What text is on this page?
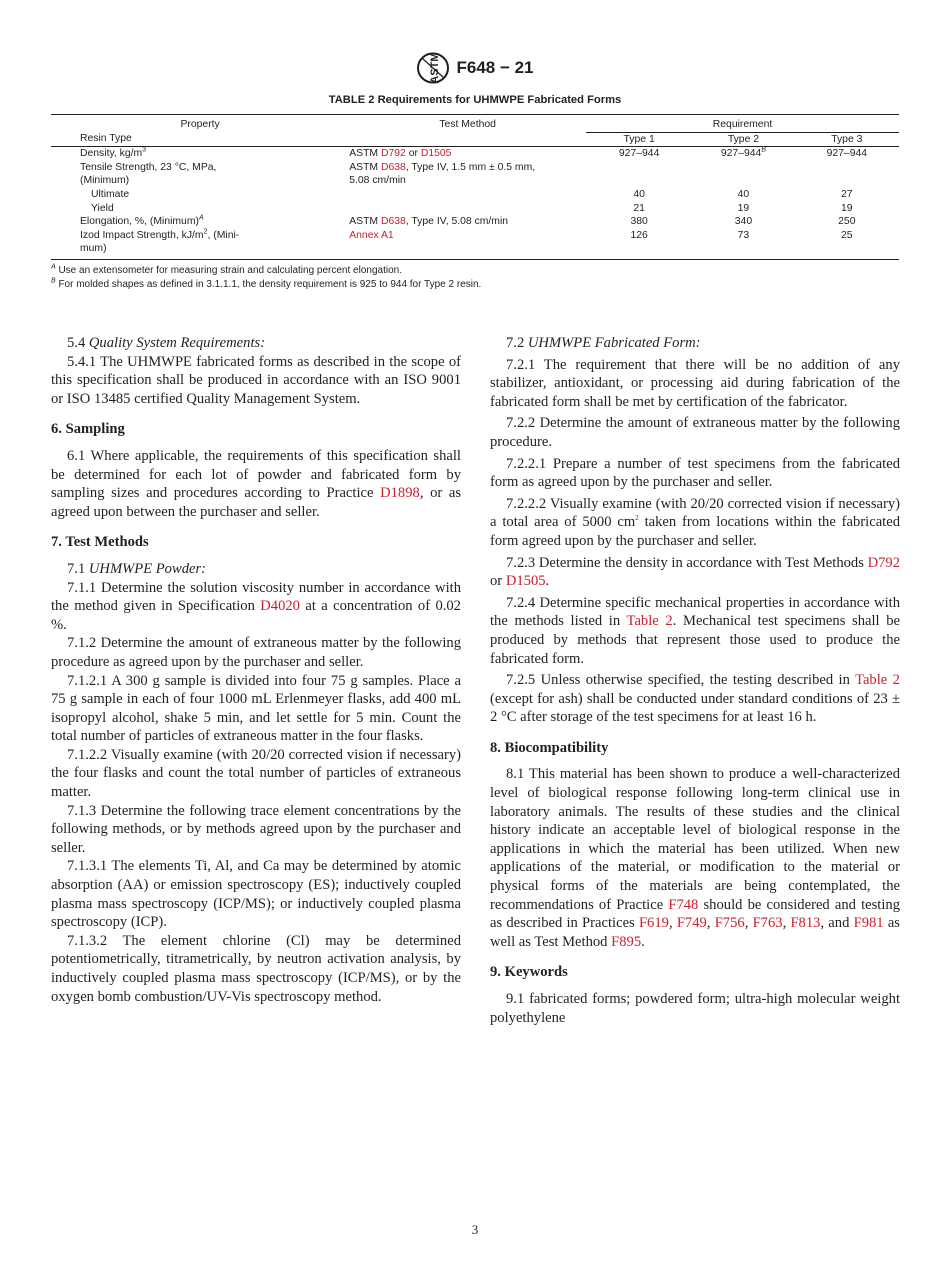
ASTM F648 − 21
TABLE 2 Requirements for UHMWPE Fabricated Forms
Property	Test Method	Requirement		
Resin Type		Type 1	Type 2	Type 3
Density, $kg/m^3$	ASTM D792 or D1505	927–944	$927-944^B$	927–944
Tensile Strength, 23 °C, MPa,
(Minimum)	ASTM D638, Type IV, 1.5 mm ± 0.5 mm,
5.08 cm/min			
Ultimate		40	40	27
Yield		21	19	19
Elongation, %, (Minimum)$^A$	ASTM D638, Type IV, 5.08 cm/min	380	340	250
Izod Impact Strength, $kJ/m^2$, (Mini-
mum)	Annex A1	126	73	25
$^A$ Use an extensometer for measuring strain and calculating percent elongation.
$^B$ For molded shapes as defined in 3.1.1.1, the density requirement is 925 to 944 for Type 2 resin.

5.4 Quality System Requirements:

5.4.1 The UHMWPE fabricated forms as described in the scope of this specification shall be produced in accordance with an ISO 9001 or ISO 13485 certified Quality Management System.

6. Sampling

6.1 Where applicable, the requirements of this specification shall be determined for each lot of powder and fabricated form by sampling sizes and procedures according to Practice D1898, or as agreed upon between the purchaser and seller.

7. Test Methods

7.1 UHMWPE Powder:

7.1.1 Determine the solution viscosity number in accordance with the method given in Specification D4020 at a concentration of 0.02 %.

7.1.2 Determine the amount of extraneous matter by the following procedure as agreed upon by the purchaser and seller.

7.1.2.1 A 300 g sample is divided into four 75 g samples. Place a 75 g sample in each of four 1000 mL Erlenmeyer flasks, add 400 mL isopropyl alcohol, shake 5 min, and let settle for 5 min. Count the total number of particles of extraneous matter in the four flasks.

7.1.2.2 Visually examine (with 20/20 corrected vision if necessary) the four flasks and count the total number of particles of extraneous matter.

7.1.3 Determine the following trace element concentrations by the following methods, or by methods agreed upon by the purchaser and seller.

7.1.3.1 The elements Ti, Al, and Ca may be determined by atomic absorption (AA) or emission spectroscopy (ES); inductively coupled plasma mass spectroscopy (ICP/MS); or inductively coupled plasma spectroscopy (ICP).

7.1.3.2 The element chlorine (Cl) may be determined potentiometrically, titrametrically, by neutron activation analysis, by inductively coupled plasma mass spectroscopy (ICP/MS), or by the oxygen bomb combustion/UV-Vis spectroscopy method.

7.2 UHMWPE Fabricated Form:

7.2.1 The requirement that there will be no addition of any stabilizer, antioxidant, or processing aid during fabrication of the fabricated form shall be met by certification of the fabricator.

7.2.2 Determine the amount of extraneous matter by the following procedure.

7.2.2.1 Prepare a number of test specimens from the fabricated form as agreed upon by the purchaser and seller.

7.2.2.2 Visually examine (with 20/20 corrected vision if necessary) a total area of 5000 $cm^2$ taken from locations within the fabricated form agreed upon by the purchaser and seller.

7.2.3 Determine the density in accordance with Test Methods D792 or D1505.

7.2.4 Determine specific mechanical properties in accordance with the methods listed in Table 2. Mechanical test specimens shall be produced by methods that represent those used to produce the fabricated form.

7.2.5 Unless otherwise specified, the testing described in Table 2 (except for ash) shall be conducted under standard conditions of 23 ± 2 °C after storage of the test specimens for at least 16 h.

8. Biocompatibility

8.1 This material has been shown to produce a well-characterized level of biological response following long-term clinical use in laboratory animals. The results of these studies and the clinical history indicate an acceptable level of biological response in the applications in which the material has been utilized. When new applications of the material, or modification to the material or physical forms of the materials are being contemplated, the recommendations of Practice F748 should be considered and testing as described in Practices F619, F749, F756, F763, F813, and F981 as well as Test Method F895.

9. Keywords

9.1 fabricated forms; powdered form; ultra-high molecular weight polyethylene

3
